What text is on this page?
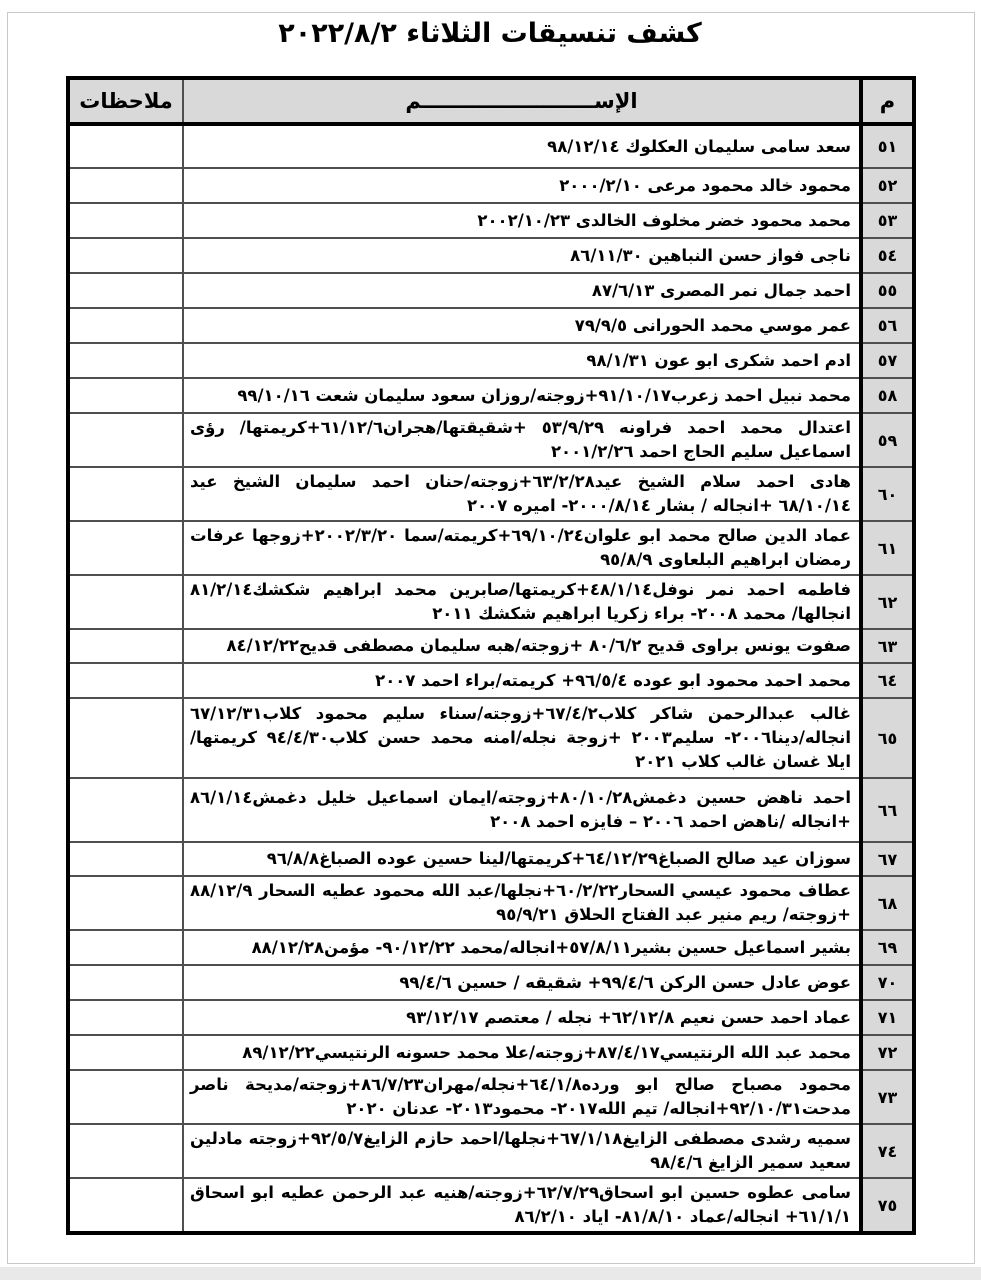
كشف تنسيقات الثلاثاء ٢٠٢٢/٨/٢
م	الإســــــــــــــــــــــــم	ملاحظات
٥١	سعد سامى سليمان العكلوك ٩٨/١٢/١٤	
٥٢	محمود خالد محمود مرعى ٢٠٠٠/٢/١٠	
٥٣	محمد محمود خضر مخلوف الخالدى ٢٠٠٢/١٠/٢٣	
٥٤	ناجى فواز حسن النباهين ٨٦/١١/٣٠	
٥٥	احمد جمال نمر المصرى ٨٧/٦/١٣	
٥٦	عمر موسي محمد الحورانى ٧٩/٩/٥	
٥٧	ادم احمد شكرى ابو عون ٩٨/١/٣١	
٥٨	محمد نبيل احمد زعرب٩١/١٠/١٧+زوجته/روزان سعود سليمان شعت ٩٩/١٠/١٦	
٥٩	اعتدال محمد احمد فراونه ٥٣/٩/٢٩ +شقيقتها/هجران٦١/١٢/٦+كريمتها/ رؤى اسماعيل سليم الحاج احمد ٢٠٠١/٢/٢٦	
٦٠	هادى احمد سلام الشيخ عيد٦٣/٢/٢٨+زوجته/حنان احمد سليمان الشيخ عيد ٦٨/١٠/١٤ +انجاله / بشار ٢٠٠٠/٨/١٤- اميره ٢٠٠٧	
٦١	عماد الدين صالح محمد ابو علوان٦٩/١٠/٢٤+كريمته/سما ٢٠٠٢/٣/٢٠+زوجها عرفات رمضان ابراهيم البلعاوى ٩٥/٨/٩	
٦٢	فاطمه احمد نمر نوفل٤٨/١/١٤+كريمتها/صابرين محمد ابراهيم شكشك٨١/٢/١٤ انجالها/ محمد ٢٠٠٨- براء زكريا ابراهيم شكشك ٢٠١١	
٦٣	صفوت يونس براوى قديح ٨٠/٦/٢ +زوجته/هبه سليمان مصطفى قديح٨٤/١٢/٢٢	
٦٤	محمد احمد محمود ابو عوده ٩٦/٥/٤+ كريمته/براء احمد ٢٠٠٧	
٦٥	غالب عبدالرحمن شاكر كلاب٦٧/٤/٢+زوجته/سناء سليم محمود كلاب٦٧/١٢/٣١ انجاله/دينا٢٠٠٦- سليم٢٠٠٣ +زوجة نجله/امنه محمد حسن كلاب٩٤/٤/٣٠ كريمتها/ ايلا غسان غالب كلاب ٢٠٢١	
٦٦	احمد ناهض حسين دغمش٨٠/١٠/٢٨+زوجته/ايمان اسماعيل خليل دغمش٨٦/١/١٤ +انجاله /ناهض احمد ٢٠٠٦ – فايزه احمد ٢٠٠٨	
٦٧	سوزان عيد صالح الصباغ٦٤/١٢/٢٩+كريمتها/لينا حسين عوده الصباغ٩٦/٨/٨	
٦٨	عطاف محمود عيسي السحار٦٠/٢/٢٢+نجلها/عبد الله محمود عطيه السحار ٨٨/١٢/٩ +زوجته/ ريم منير عبد الفتاح الحلاق ٩٥/٩/٢١	
٦٩	بشير اسماعيل حسين بشير٥٧/٨/١١+انجاله/محمد ٩٠/١٢/٢٢- مؤمن٨٨/١٢/٢٨	
٧٠	عوض عادل حسن الركن ٩٩/٤/٦+ شقيقه / حسين ٩٩/٤/٦	
٧١	عماد احمد حسن نعيم ٦٢/١٢/٨+ نجله / معتصم ٩٣/١٢/١٧	
٧٢	محمد عبد الله الرنتيسي٨٧/٤/١٧+زوجته/علا محمد حسونه الرنتيسي٨٩/١٢/٢٢	
٧٣	محمود مصباح صالح ابو ورده٦٤/١/٨+نجله/مهران٨٦/٧/٢٣+زوجته/مديحة ناصر مدحت٩٢/١٠/٣١+انجاله/ تيم الله٢٠١٧- محمود٢٠١٣- عدنان ٢٠٢٠	
٧٤	سميه رشدى مصطفى الزايغ٦٧/١/١٨+نجلها/احمد حازم الزايغ٩٢/٥/٧+زوجته مادلين سعيد سمير الزايغ ٩٨/٤/٦	
٧٥	سامى عطوه حسين ابو اسحاق٦٢/٧/٢٩+زوجته/هنيه عبد الرحمن عطيه ابو اسحاق ٦١/١/١+ انجاله/عماد ٨١/٨/١٠- اياد ٨٦/٢/١٠	
